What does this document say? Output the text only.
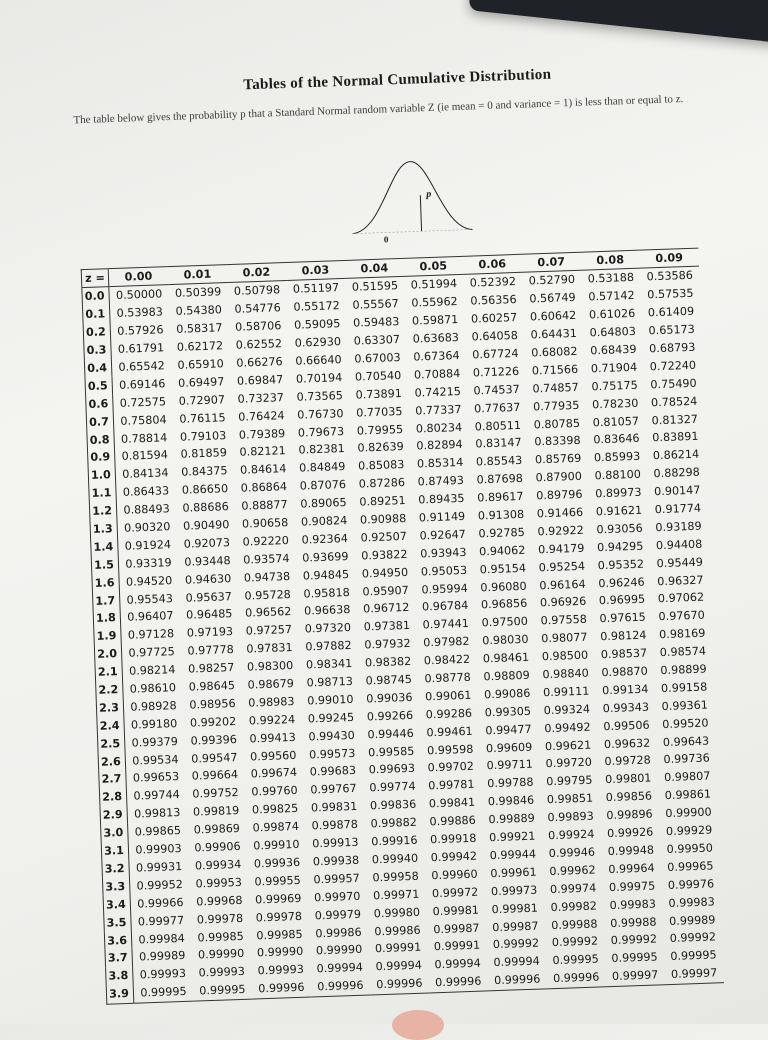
Tables of the Normal Cumulative Distribution
The table below gives the probability p that a Standard Normal random variable Z (ie mean = 0 and variance = 1) is less than or equal to z.
p
0
z =	0.00	0.01	0.02	0.03	0.04	0.05	0.06	0.07	0.08	0.09
0.0	0.50000	0.50399	0.50798	0.51197	0.51595	0.51994	0.52392	0.52790	0.53188	0.53586
0.1	0.53983	0.54380	0.54776	0.55172	0.55567	0.55962	0.56356	0.56749	0.57142	0.57535
0.2	0.57926	0.58317	0.58706	0.59095	0.59483	0.59871	0.60257	0.60642	0.61026	0.61409
0.3	0.61791	0.62172	0.62552	0.62930	0.63307	0.63683	0.64058	0.64431	0.64803	0.65173
0.4	0.65542	0.65910	0.66276	0.66640	0.67003	0.67364	0.67724	0.68082	0.68439	0.68793
0.5	0.69146	0.69497	0.69847	0.70194	0.70540	0.70884	0.71226	0.71566	0.71904	0.72240
0.6	0.72575	0.72907	0.73237	0.73565	0.73891	0.74215	0.74537	0.74857	0.75175	0.75490
0.7	0.75804	0.76115	0.76424	0.76730	0.77035	0.77337	0.77637	0.77935	0.78230	0.78524
0.8	0.78814	0.79103	0.79389	0.79673	0.79955	0.80234	0.80511	0.80785	0.81057	0.81327
0.9	0.81594	0.81859	0.82121	0.82381	0.82639	0.82894	0.83147	0.83398	0.83646	0.83891
1.0	0.84134	0.84375	0.84614	0.84849	0.85083	0.85314	0.85543	0.85769	0.85993	0.86214
1.1	0.86433	0.86650	0.86864	0.87076	0.87286	0.87493	0.87698	0.87900	0.88100	0.88298
1.2	0.88493	0.88686	0.88877	0.89065	0.89251	0.89435	0.89617	0.89796	0.89973	0.90147
1.3	0.90320	0.90490	0.90658	0.90824	0.90988	0.91149	0.91308	0.91466	0.91621	0.91774
1.4	0.91924	0.92073	0.92220	0.92364	0.92507	0.92647	0.92785	0.92922	0.93056	0.93189
1.5	0.93319	0.93448	0.93574	0.93699	0.93822	0.93943	0.94062	0.94179	0.94295	0.94408
1.6	0.94520	0.94630	0.94738	0.94845	0.94950	0.95053	0.95154	0.95254	0.95352	0.95449
1.7	0.95543	0.95637	0.95728	0.95818	0.95907	0.95994	0.96080	0.96164	0.96246	0.96327
1.8	0.96407	0.96485	0.96562	0.96638	0.96712	0.96784	0.96856	0.96926	0.96995	0.97062
1.9	0.97128	0.97193	0.97257	0.97320	0.97381	0.97441	0.97500	0.97558	0.97615	0.97670
2.0	0.97725	0.97778	0.97831	0.97882	0.97932	0.97982	0.98030	0.98077	0.98124	0.98169
2.1	0.98214	0.98257	0.98300	0.98341	0.98382	0.98422	0.98461	0.98500	0.98537	0.98574
2.2	0.98610	0.98645	0.98679	0.98713	0.98745	0.98778	0.98809	0.98840	0.98870	0.98899
2.3	0.98928	0.98956	0.98983	0.99010	0.99036	0.99061	0.99086	0.99111	0.99134	0.99158
2.4	0.99180	0.99202	0.99224	0.99245	0.99266	0.99286	0.99305	0.99324	0.99343	0.99361
2.5	0.99379	0.99396	0.99413	0.99430	0.99446	0.99461	0.99477	0.99492	0.99506	0.99520
2.6	0.99534	0.99547	0.99560	0.99573	0.99585	0.99598	0.99609	0.99621	0.99632	0.99643
2.7	0.99653	0.99664	0.99674	0.99683	0.99693	0.99702	0.99711	0.99720	0.99728	0.99736
2.8	0.99744	0.99752	0.99760	0.99767	0.99774	0.99781	0.99788	0.99795	0.99801	0.99807
2.9	0.99813	0.99819	0.99825	0.99831	0.99836	0.99841	0.99846	0.99851	0.99856	0.99861
3.0	0.99865	0.99869	0.99874	0.99878	0.99882	0.99886	0.99889	0.99893	0.99896	0.99900
3.1	0.99903	0.99906	0.99910	0.99913	0.99916	0.99918	0.99921	0.99924	0.99926	0.99929
3.2	0.99931	0.99934	0.99936	0.99938	0.99940	0.99942	0.99944	0.99946	0.99948	0.99950
3.3	0.99952	0.99953	0.99955	0.99957	0.99958	0.99960	0.99961	0.99962	0.99964	0.99965
3.4	0.99966	0.99968	0.99969	0.99970	0.99971	0.99972	0.99973	0.99974	0.99975	0.99976
3.5	0.99977	0.99978	0.99978	0.99979	0.99980	0.99981	0.99981	0.99982	0.99983	0.99983
3.6	0.99984	0.99985	0.99985	0.99986	0.99986	0.99987	0.99987	0.99988	0.99988	0.99989
3.7	0.99989	0.99990	0.99990	0.99990	0.99991	0.99991	0.99992	0.99992	0.99992	0.99992
3.8	0.99993	0.99993	0.99993	0.99994	0.99994	0.99994	0.99994	0.99995	0.99995	0.99995
3.9	0.99995	0.99995	0.99996	0.99996	0.99996	0.99996	0.99996	0.99996	0.99997	0.99997
